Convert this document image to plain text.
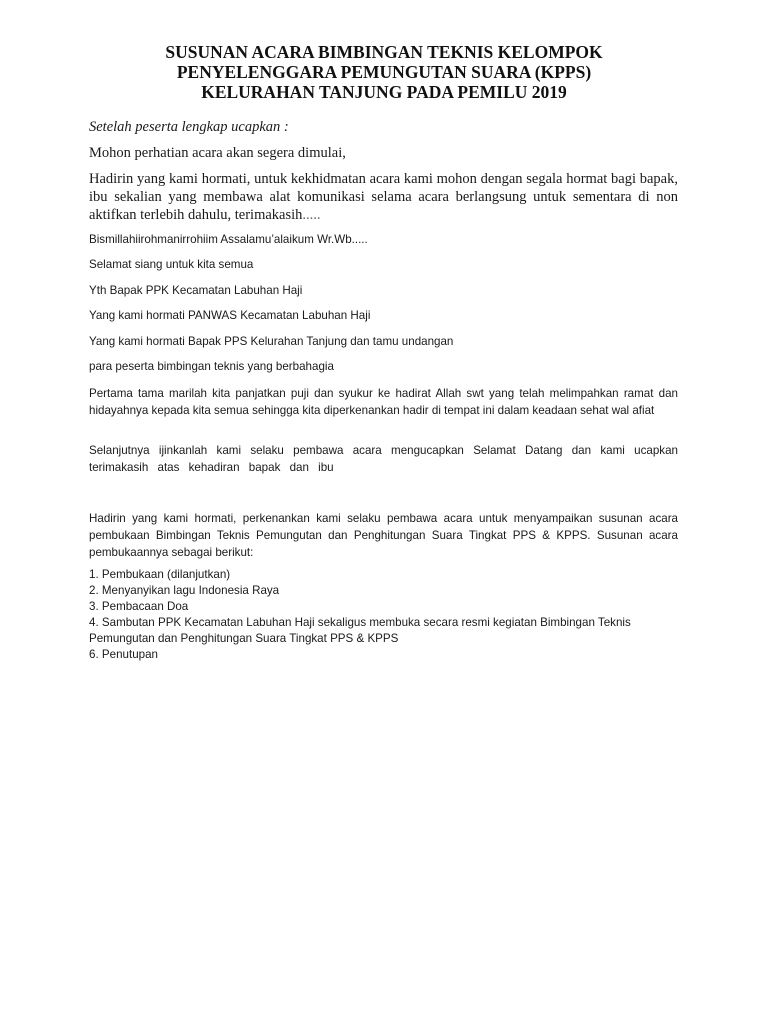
SUSUNAN ACARA BIMBINGAN TEKNIS KELOMPOK
PENYELENGGARA PEMUNGUTAN SUARA (KPPS)
KELURAHAN TANJUNG PADA PEMILU 2019
Setelah peserta lengkap ucapkan :
Mohon perhatian acara akan segera dimulai,
Hadirin yang kami hormati, untuk kekhidmatan acara kami mohon dengan segala hormat bagi bapak, ibu sekalian yang membawa alat komunikasi selama acara berlangsung untuk sementara di non aktifkan terlebih dahulu, terimakasih.....
Bismillahiirohmanirrohiim Assalamu’alaikum Wr.Wb.....
Selamat siang untuk kita semua
Yth Bapak PPK Kecamatan Labuhan Haji
Yang kami hormati PANWAS Kecamatan Labuhan Haji
Yang kami hormati Bapak PPS Kelurahan Tanjung dan tamu undangan
para peserta bimbingan teknis yang berbahagia
Pertama tama marilah kita panjatkan puji dan syukur ke hadirat Allah swt yang telah melimpahkan ramat dan hidayahnya kepada kita semua sehingga kita diperkenankan hadir di tempat ini dalam keadaan sehat wal afiat
Selanjutnya ijinkanlah kami selaku pembawa acara mengucapkan Selamat Datang dan kami ucapkan terimakasih atas kehadiran bapak dan ibu
Hadirin yang kami hormati, perkenankan kami selaku pembawa acara untuk menyampaikan susunan acara pembukaan Bimbingan Teknis Pemungutan dan Penghitungan Suara Tingkat PPS & KPPS. Susunan acara pembukaannya sebagai berikut:
1. Pembukaan (dilanjutkan)
2. Menyanyikan lagu Indonesia Raya
3. Pembacaan Doa
4. Sambutan PPK Kecamatan Labuhan Haji sekaligus membuka secara resmi kegiatan Bimbingan Teknis Pemungutan dan Penghitungan Suara Tingkat PPS & KPPS
6. Penutupan
